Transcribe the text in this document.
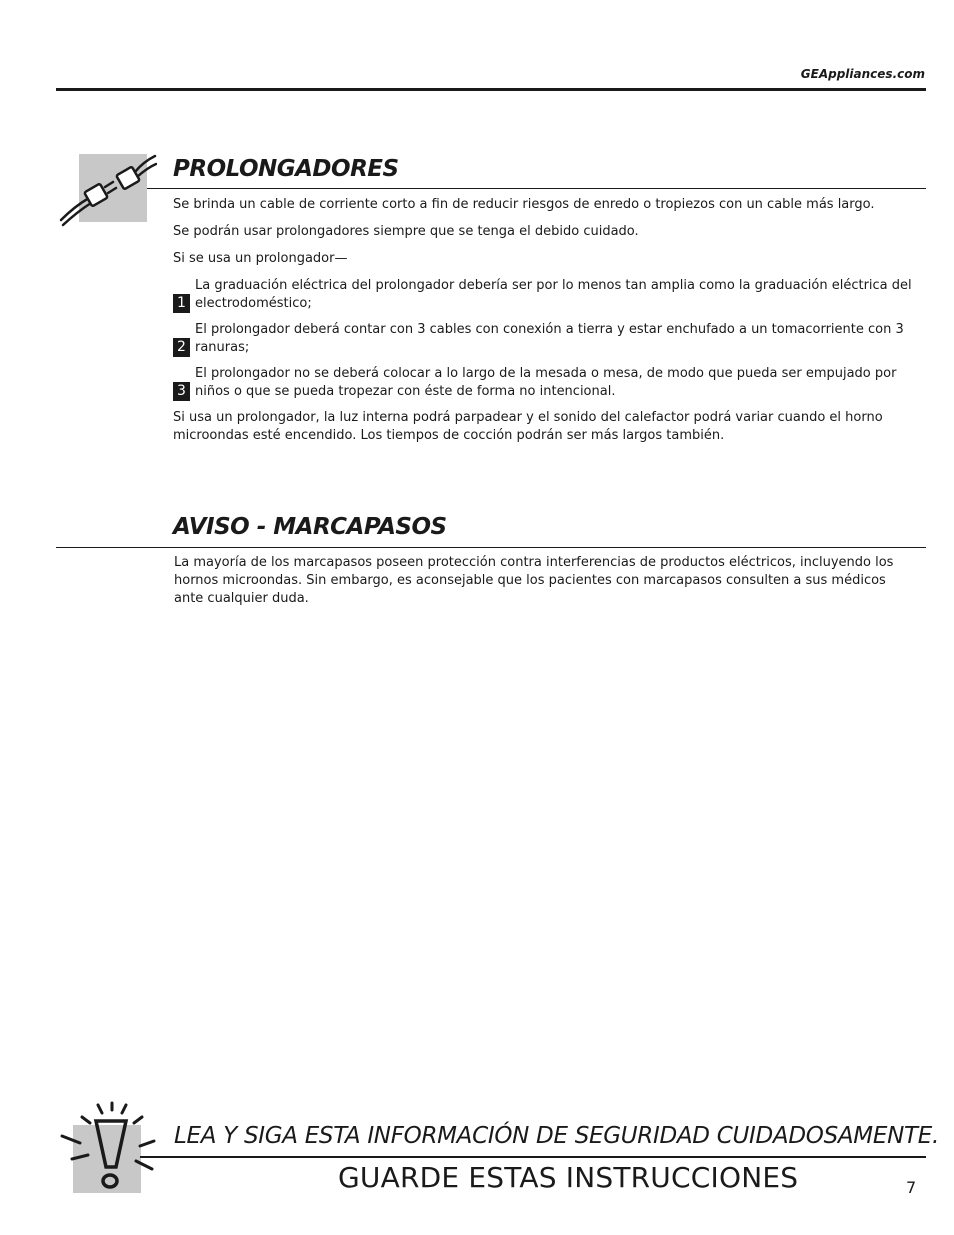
GEAppliances.com
PROLONGADORES

Se brinda un cable de corriente corto a fin de reducir riesgos de enredo o tropiezos con un cable más largo.

Se podrán usar prolongadores siempre que se tenga el debido cuidado.

Si se usa un prolongador—

1
La graduación eléctrica del prolongador debería ser por lo menos tan amplia como la graduación eléctrica del electrodoméstico;
2
El prolongador deberá contar con 3 cables con conexión a tierra y estar enchufado a un tomacorriente con 3 ranuras;
3
El prolongador no se deberá colocar a lo largo de la mesada o mesa, de modo que pueda ser empujado por niños o que se pueda tropezar con éste de forma no intencional.

Si usa un prolongador, la luz interna podrá parpadear y el sonido del calefactor podrá variar cuando el horno microondas esté encendido. Los tiempos de cocción podrán ser más largos también.

AVISO - MARCAPASOS

La mayoría de los marcapasos poseen protección contra interferencias de productos eléctricos, incluyendo los hornos microondas. Sin embargo, es aconsejable que los pacientes con marcapasos consulten a sus médicos ante cualquier duda.

LEA Y SIGA ESTA INFORMACIÓN DE SEGURIDAD CUIDADOSAMENTE.

GUARDE ESTAS INSTRUCCIONES	7
